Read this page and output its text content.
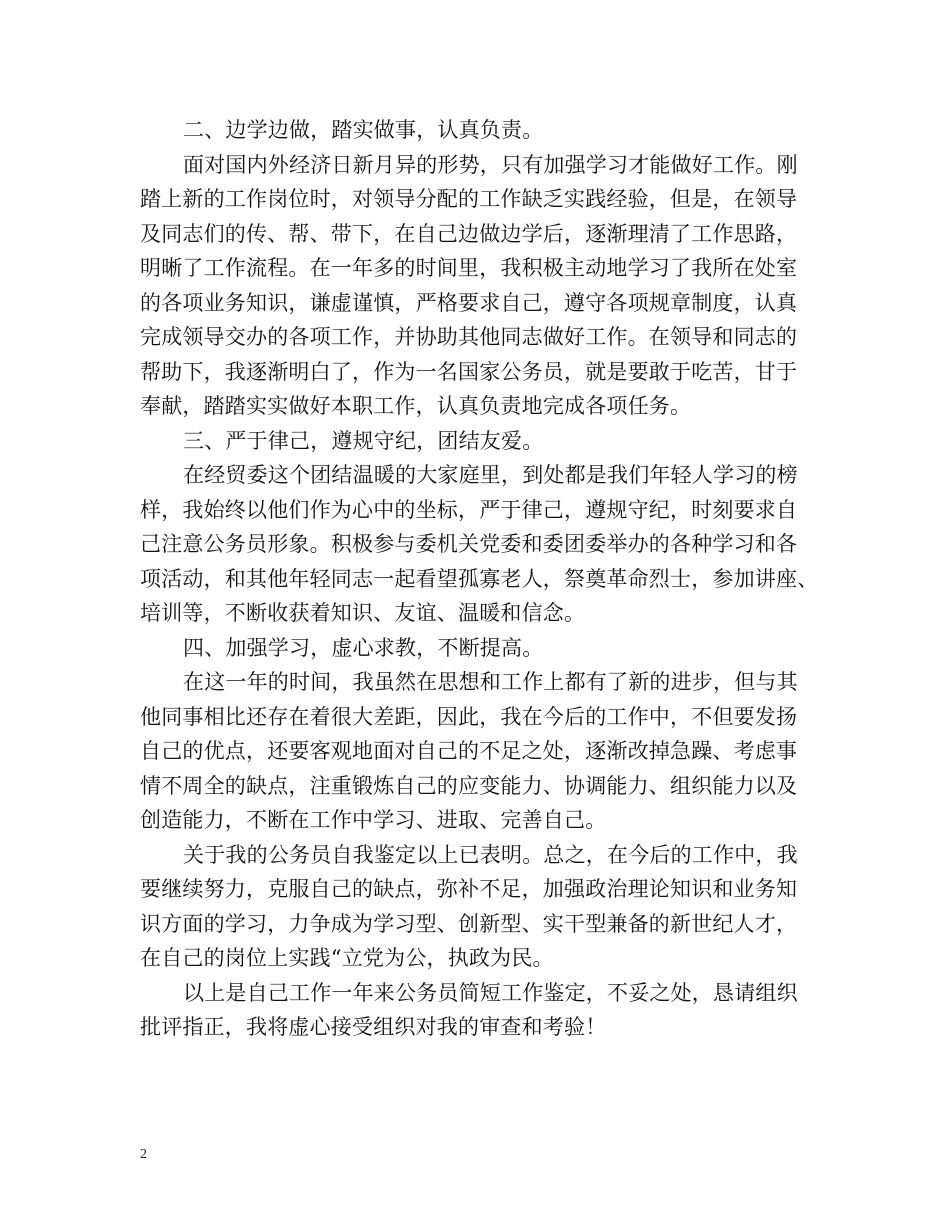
二、边学边做，踏实做事，认真负责。
面对国内外经济日新月异的形势，只有加强学习才能做好工作。刚
踏上新的工作岗位时，对领导分配的工作缺乏实践经验，但是，在领导
及同志们的传、帮、带下，在自己边做边学后，逐渐理清了工作思路，
明晰了工作流程。在一年多的时间里，我积极主动地学习了我所在处室
的各项业务知识，谦虚谨慎，严格要求自己，遵守各项规章制度，认真
完成领导交办的各项工作，并协助其他同志做好工作。在领导和同志的
帮助下，我逐渐明白了，作为一名国家公务员，就是要敢于吃苦，甘于
奉献，踏踏实实做好本职工作，认真负责地完成各项任务。
三、严于律己，遵规守纪，团结友爱。
在经贸委这个团结温暖的大家庭里，到处都是我们年轻人学习的榜
样，我始终以他们作为心中的坐标，严于律己，遵规守纪，时刻要求自
己注意公务员形象。积极参与委机关党委和委团委举办的各种学习和各
项活动，和其他年轻同志一起看望孤寡老人，祭奠革命烈士，参加讲座、
培训等，不断收获着知识、友谊、温暖和信念。
四、加强学习，虚心求教，不断提高。
在这一年的时间，我虽然在思想和工作上都有了新的进步，但与其
他同事相比还存在着很大差距，因此，我在今后的工作中，不但要发扬
自己的优点，还要客观地面对自己的不足之处，逐渐改掉急躁、考虑事
情不周全的缺点，注重锻炼自己的应变能力、协调能力、组织能力以及
创造能力，不断在工作中学习、进取、完善自己。
关于我的公务员自我鉴定以上已表明。总之，在今后的工作中，我
要继续努力，克服自己的缺点，弥补不足，加强政治理论知识和业务知
识方面的学习，力争成为学习型、创新型、实干型兼备的新世纪人才，
在自己的岗位上实践“立党为公，执政为民。
以上是自己工作一年来公务员简短工作鉴定，不妥之处，恳请组织
批评指正，我将虚心接受组织对我的审查和考验！
2
